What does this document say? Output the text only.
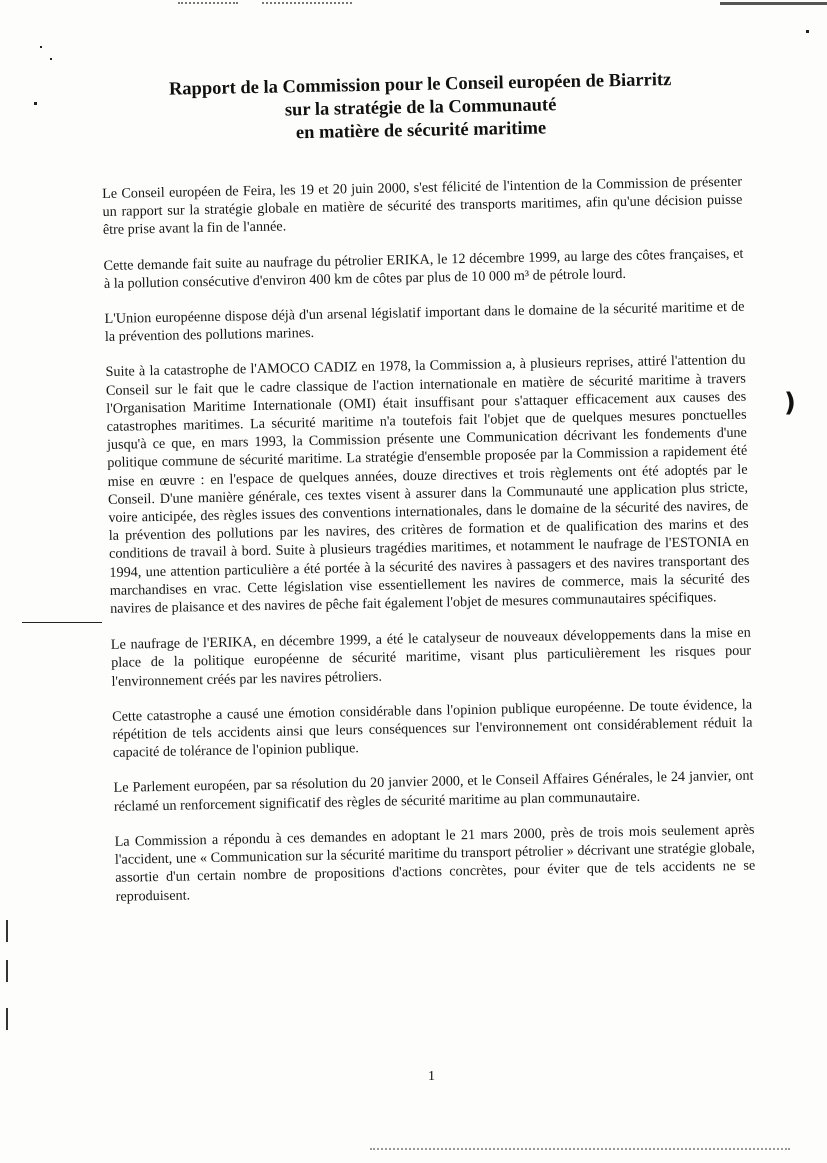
)
Rapport de la Commission pour le Conseil européen de Biarritz
sur la stratégie de la Communauté
en matière de sécurité maritime

Le Conseil européen de Feira, les 19 et 20 juin 2000, s'est félicité de l'intention de la Commission de présenter un rapport sur la stratégie globale en matière de sécurité des transports maritimes, afin qu'une décision puisse être prise avant la fin de l'année.

Cette demande fait suite au naufrage du pétrolier ERIKA, le 12 décembre 1999, au large des côtes françaises, et à la pollution consécutive d'environ 400 km de côtes par plus de 10 000 m³ de pétrole lourd.

L'Union européenne dispose déjà d'un arsenal législatif important dans le domaine de la sécurité maritime et de la prévention des pollutions marines.

Suite à la catastrophe de l'AMOCO CADIZ en 1978, la Commission a, à plusieurs reprises, attiré l'attention du Conseil sur le fait que le cadre classique de l'action internationale en matière de sécurité maritime à travers l'Organisation Maritime Internationale (OMI) était insuffisant pour s'attaquer efficacement aux causes des catastrophes maritimes. La sécurité maritime n'a toutefois fait l'objet que de quelques mesures ponctuelles jusqu'à ce que, en mars 1993, la Commission présente une Communication décrivant les fondements d'une politique commune de sécurité maritime. La stratégie d'ensemble proposée par la Commission a rapidement été mise en œuvre : en l'espace de quelques années, douze directives et trois règlements ont été adoptés par le Conseil. D'une manière générale, ces textes visent à assurer dans la Communauté une application plus stricte, voire anticipée, des règles issues des conventions internationales, dans le domaine de la sécurité des navires, de la prévention des pollutions par les navires, des critères de formation et de qualification des marins et des conditions de travail à bord. Suite à plusieurs tragédies maritimes, et notamment le naufrage de l'ESTONIA en 1994, une attention particulière a été portée à la sécurité des navires à passagers et des navires transportant des marchandises en vrac. Cette législation vise essentiellement les navires de commerce, mais la sécurité des navires de plaisance et des navires de pêche fait également l'objet de mesures communautaires spécifiques.

Le naufrage de l'ERIKA, en décembre 1999, a été le catalyseur de nouveaux développements dans la mise en place de la politique européenne de sécurité maritime, visant plus particulièrement les risques pour l'environnement créés par les navires pétroliers.

Cette catastrophe a causé une émotion considérable dans l'opinion publique européenne. De toute évidence, la répétition de tels accidents ainsi que leurs conséquences sur l'environnement ont considérablement réduit la capacité de tolérance de l'opinion publique.

Le Parlement européen, par sa résolution du 20 janvier 2000, et le Conseil Affaires Générales, le 24 janvier, ont réclamé un renforcement significatif des règles de sécurité maritime au plan communautaire.

La Commission a répondu à ces demandes en adoptant le 21 mars 2000, près de trois mois seulement après l'accident, une « Communication sur la sécurité maritime du transport pétrolier » décrivant une stratégie globale, assortie d'un certain nombre de propositions d'actions concrètes, pour éviter que de tels accidents ne se reproduisent.

1
